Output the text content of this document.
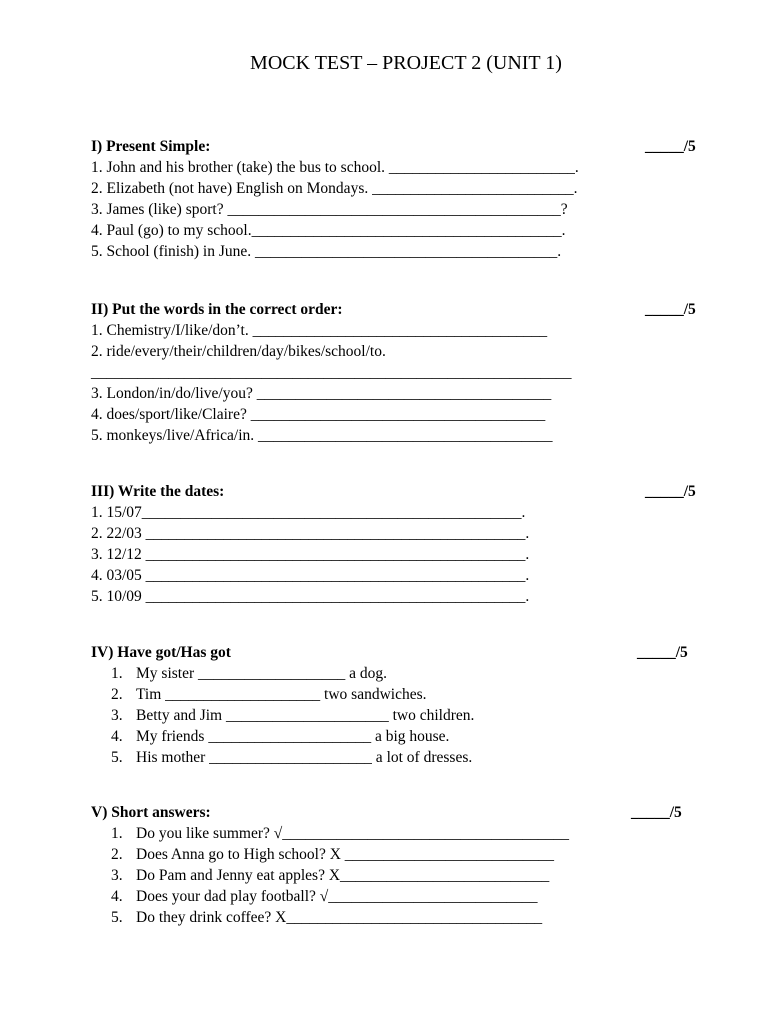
MOCK TEST – PROJECT 2 (UNIT 1)
I) Present Simple:	_____/5
1. John and his brother (take) the bus to school. ________________________.
2. Elizabeth (not have) English on Mondays. __________________________.
3. James (like) sport? ___________________________________________?
4. Paul (go) to my school.________________________________________.
5. School (finish) in June. _______________________________________.
II) Put the words in the correct order:	_____/5
1. Chemistry/I/like/don’t. ______________________________________
2. ride/every/their/children/day/bikes/school/to.
______________________________________________________________
3. London/in/do/live/you? ______________________________________
4. does/sport/like/Claire? ______________________________________
5. monkeys/live/Africa/in. ______________________________________
III) Write the dates:	_____/5
1. 15/07_________________________________________________.
2. 22/03 _________________________________________________.
3. 12/12 _________________________________________________.
4. 03/05 _________________________________________________.
5. 10/09 _________________________________________________.
IV) Have got/Has got	_____/5
1. My sister ___________________ a dog.
2. Tim ____________________ two sandwiches.
3. Betty and Jim _____________________ two children.
4. My friends _____________________ a big house.
5. His mother _____________________ a lot of dresses.
V) Short answers:	_____/5
1. Do you like summer? √_____________________________________
2. Does Anna go to High school? X ___________________________
3. Do Pam and Jenny eat apples? X___________________________
4. Does your dad play football? √___________________________
5. Do they drink coffee? X_________________________________
